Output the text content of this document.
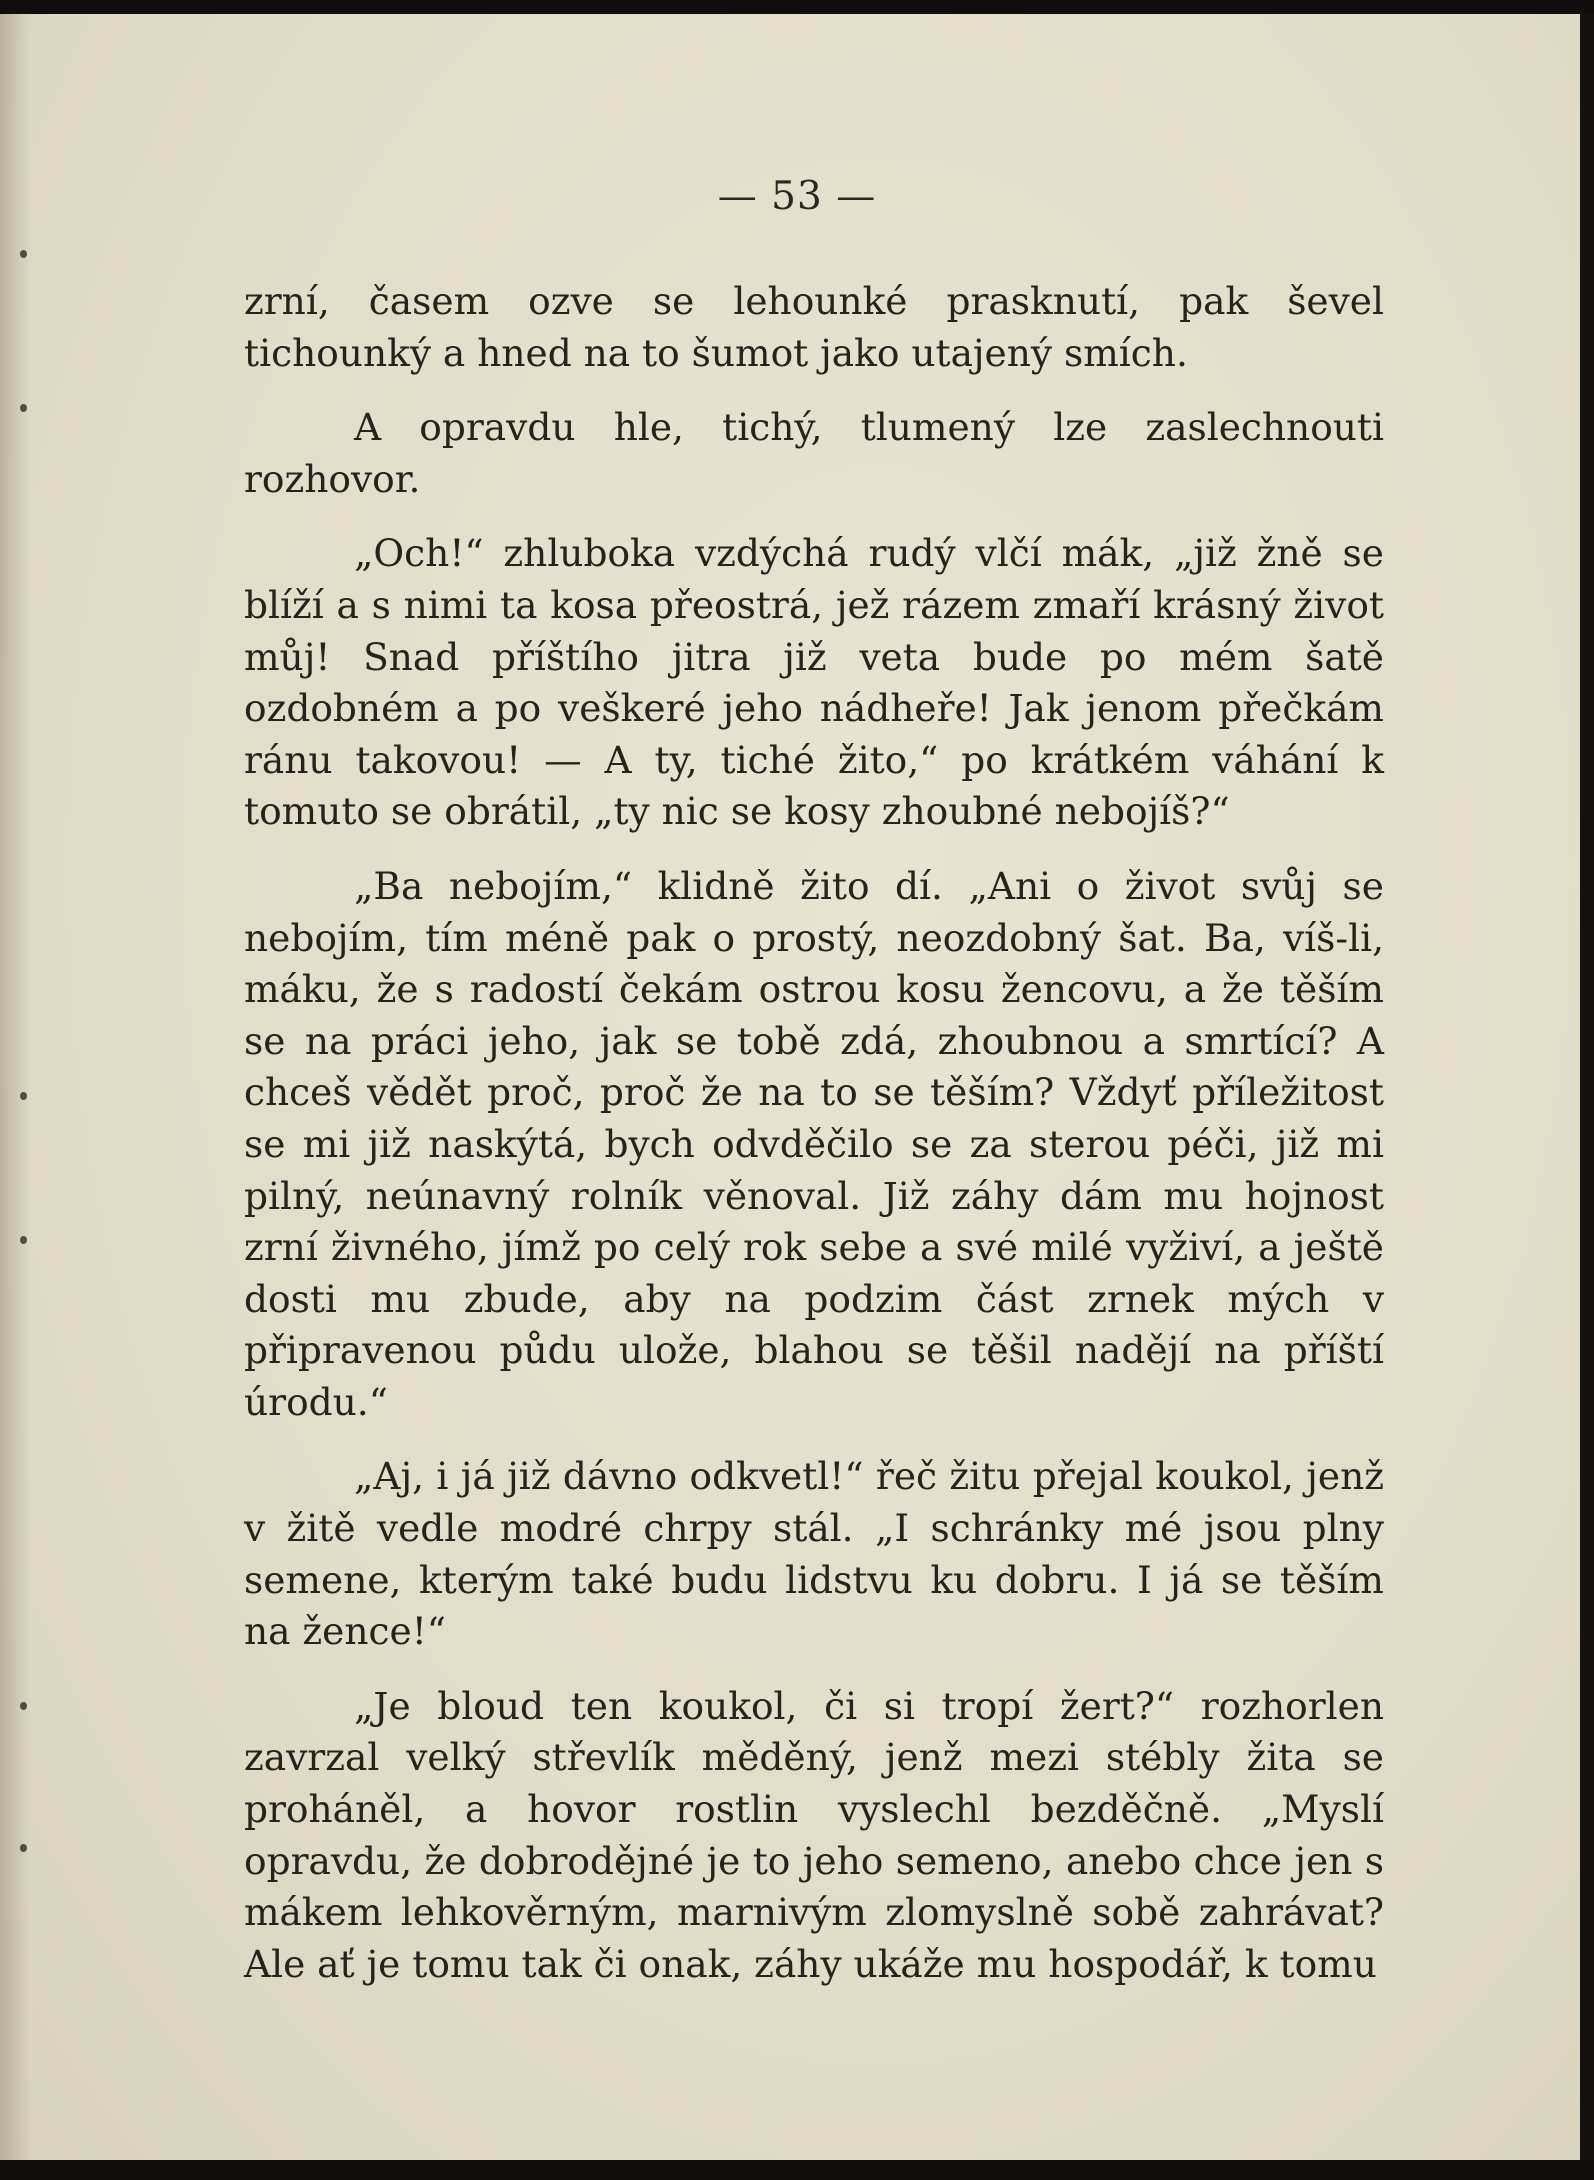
— 53 —

zrní, časem ozve se lehounké prasknutí, pak ševel tichounký a hned na to šumot jako utajený smích.

A opravdu hle, tichý, tlumený lze zaslechnouti rozhovor.

„Och!“ zhluboka vzdýchá rudý vlčí mák, „již žně se blíží a s nimi ta kosa přeostrá, jež rázem zmaří krásný život můj! Snad příštího jitra již veta bude po mém šatě ozdobném a po veškeré jeho nádheře! Jak jenom přečkám ránu takovou! — A ty, tiché žito,“ po krátkém váhání k tomuto se obrátil, „ty nic se kosy zhoubné nebojíš?“

„Ba nebojím,“ klidně žito dí. „Ani o život svůj se nebojím, tím méně pak o prostý, neozdobný šat. Ba, víš-li, máku, že s radostí čekám ostrou kosu žencovu, a že těším se na práci jeho, jak se tobě zdá, zhoubnou a smrtící? A chceš vědět proč, proč že na to se těším? Vždyť příležitost se mi již naskýtá, bych odvděčilo se za sterou péči, již mi pilný, neúnavný rolník věnoval. Již záhy dám mu hojnost zrní živného, jímž po celý rok sebe a své milé vyživí, a ještě dosti mu zbude, aby na podzim část zrnek mých v připravenou půdu ulože, blahou se těšil nadějí na příští úrodu.“

„Aj, i já již dávno odkvetl!“ řeč žitu přejal koukol, jenž v žitě vedle modré chrpy stál. „I schránky mé jsou plny semene, kterým také budu lidstvu ku dobru. I já se těším na žence!“

„Je bloud ten koukol, či si tropí žert?“ rozhorlen zavrzal velký střevlík měděný, jenž mezi stébly žita se proháněl, a hovor rostlin vyslechl bezděčně. „Myslí opravdu, že dobrodějné je to jeho semeno, anebo chce jen s mákem lehkověrným, marnivým zlomyslně sobě zahrávat? Ale ať je tomu tak či onak, záhy ukáže mu hospodář, k tomu
